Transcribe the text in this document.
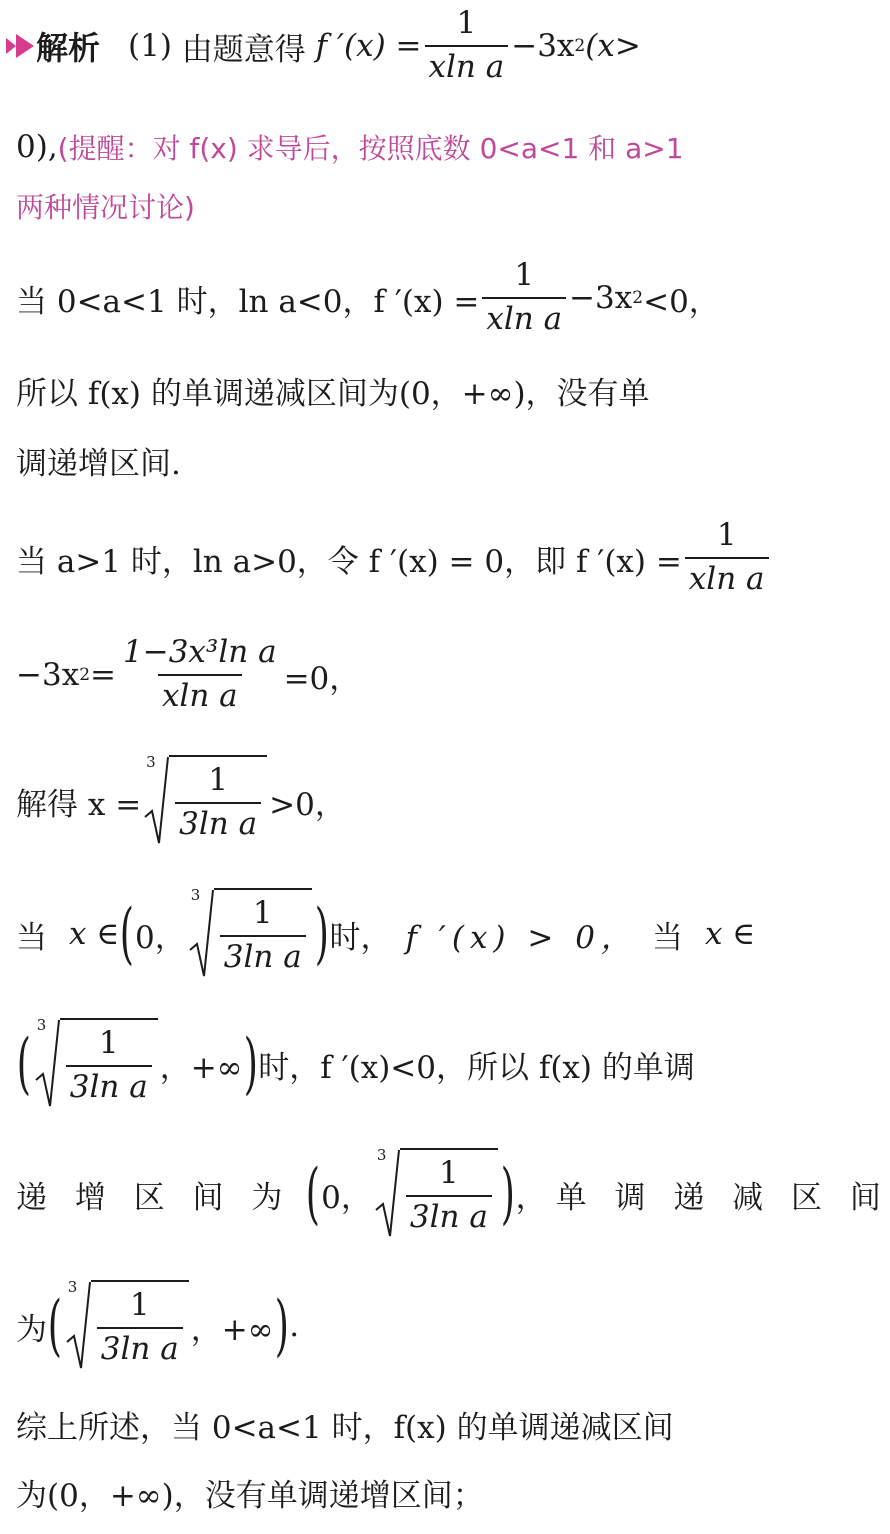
解析 (1)
由题意得
f $'(x) = \frac{1}{\text{xln a}} -3x$ 2 (x>
0), (提醒：对 f(x) 求导后，按照底数 0<a<1 和 a>1
两种情况讨论)
当 0<a<1 时，ln a<0，f $'(x) = \frac{1}{\text{xln a}} -3x$ 2 <0，
所以 f(x) 的单调递减区间为(0，+∞)，没有单
调递增区间.
当 a>1 时，ln a>0，令 f ′(x) = 0，即 f $'(x) = \frac{1}{\text{xln a}}$
−3x $2 = \frac{\text{1−3x³ln a}}{\text{xln a}} =0$，
解得 x =
3
$\frac{1}{\text{3ln a}} >0$，
当 x ∈ ( 0，
3
$\frac{1}{\text{3ln a}}$ ) 时， f ′(x) > 0， 当 x ∈
( 3
$\frac{1}{\text{3ln a}}$ ，+∞ ) 时，f ′(x)<0，所以 f(x) 的单调
递 增 区 间 为 ( 0，
3
$\frac{1}{\text{3ln a}}$ ) ，单 调 递 减 区 间
为 ( 3
$\frac{1}{\text{3ln a}}$ ，+∞ ) .
综上所述，当 0<a<1 时，f(x) 的单调递减区间
为(0，+∞)，没有单调递增区间；
